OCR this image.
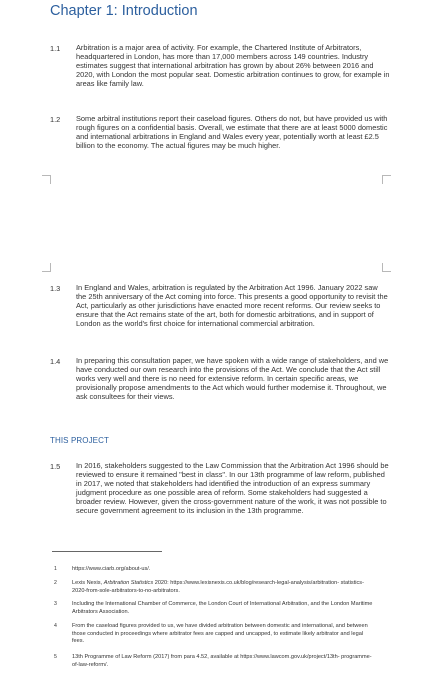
Chapter 1: Introduction
1.1 Arbitration is a major area of activity. For example, the Chartered Institute of Arbitrators, headquartered in London, has more than 17,000 members across 149 countries. Industry estimates suggest that international arbitration has grown by about 26% between 2016 and 2020, with London the most popular seat. Domestic arbitration continues to grow, for example in areas like family law.
1.2 Some arbitral institutions report their caseload figures. Others do not, but have provided us with rough figures on a confidential basis. Overall, we estimate that there are at least 5000 domestic and international arbitrations in England and Wales every year, potentially worth at least £2.5 billion to the economy. The actual figures may be much higher.
1.3 In England and Wales, arbitration is regulated by the Arbitration Act 1996. January 2022 saw the 25th anniversary of the Act coming into force. This presents a good opportunity to revisit the Act, particularly as other jurisdictions have enacted more recent reforms. Our review seeks to ensure that the Act remains state of the art, both for domestic arbitrations, and in support of London as the world's first choice for international commercial arbitration.
1.4 In preparing this consultation paper, we have spoken with a wide range of stakeholders, and we have conducted our own research into the provisions of the Act. We conclude that the Act still works very well and there is no need for extensive reform. In certain specific areas, we provisionally propose amendments to the Act which would further modernise it. Throughout, we ask consultees for their views.
THIS PROJECT
1.5 In 2016, stakeholders suggested to the Law Commission that the Arbitration Act 1996 should be reviewed to ensure it remained "best in class". In our 13th programme of law reform, published in 2017, we noted that stakeholders had identified the introduction of an express summary judgment procedure as one possible area of reform. Some stakeholders had suggested a broader review. However, given the cross-government nature of the work, it was not possible to secure government agreement to its inclusion in the 13th programme.
1	https://www.ciarb.org/about-us/.
2	Lexis Nexis, Arbitration Statistics 2020: https://www.lexisnexis.co.uk/blog/research-legal-analysis/arbitration- statistics-2020-from-sole-arbitrators-to-no-arbitrators.
3	Including the International Chamber of Commerce, the London Court of International Arbitration, and the London Maritime Arbitrators Association.
4	From the caseload figures provided to us, we have divided arbitration between domestic and international, and between those conducted in proceedings where arbitrator fees are capped and uncapped, to estimate likely arbitrator and legal fees.
5	13th Programme of Law Reform (2017) from para 4.52, available at https://www.lawcom.gov.uk/project/13th- programme-of-law-reform/.
